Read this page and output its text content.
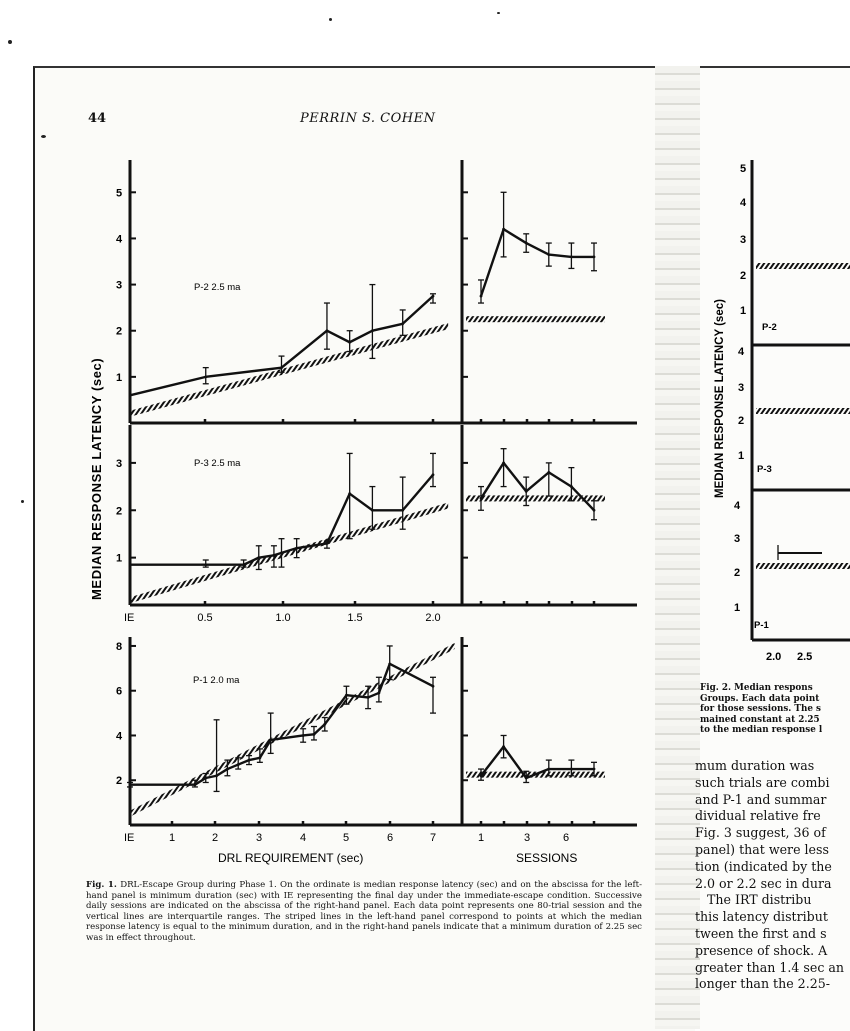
44	PERRIN S. COHEN
MEDIAN RESPONSE LATENCY (sec)
P-2 2.5 ma
P-3 2.5 ma
P-1 2.0 ma
DRL REQUIREMENT (sec)	SESSIONS
1
2
3
4
5
1
2
3
IE	0.5	1.0	1.5	2.0
2
4
6
8
IE	1	2	3	4	5	6	7	1	3	6
Fig. 1. DRL-Escape Group during Phase 1. On the ordinate is median response latency (sec) and on the abscissa for the left-hand panel is minimum duration (sec) with IE representing the final day under the immediate-escape condition. Successive daily sessions are indicated on the abscissa of the right-hand panel. Each data point represents one 80-trial session and the vertical lines are interquartile ranges. The striped lines in the left-hand panel correspond to points at which the median response latency is equal to the minimum duration, and in the right-hand panels indicate that a minimum duration of 2.25 sec was in effect throughout.
5
4
3
2
1
P-2
4
3
2
1
P-3
4
3
2
1
P-1
2.0 2.5
MEDIAN RESPONSE LATENCY (sec)
Fig. 2. Median respons
Groups. Each data point
for those sessions. The s
mained constant at 2.25
to the median response l
mum duration was
such trials are combi
and P-1 and summar
dividual relative fre
Fig. 3 suggest, 36 of
panel) that were less
tion (indicated by the
2.0 or 2.2 sec in dura
The IRT distribu
this latency distribut
tween the first and s
presence of shock. A
greater than 1.4 sec an
longer than the 2.25-
